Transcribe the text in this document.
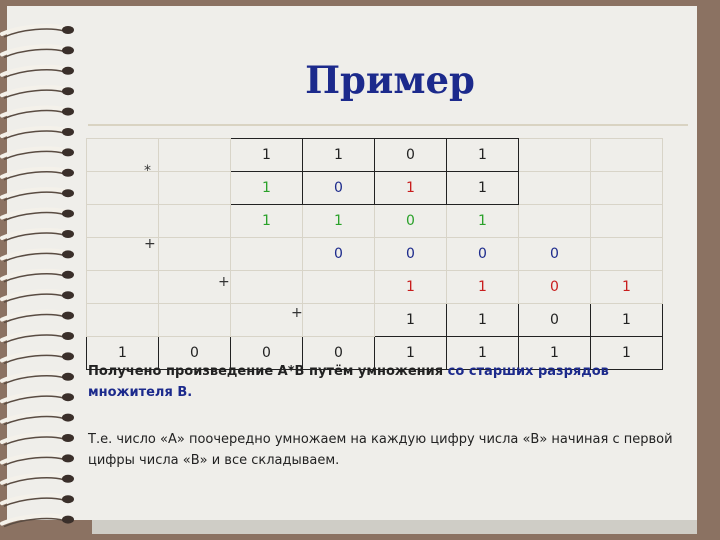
Пример
		1	1	0	1		
		1	0	1	1		
		1	1	0	1		
			0	0	0	0	
				1	1	0	1
				1	1	0	1
1	0	0	0	1	1	1	1
*
+
+
+
Получено произведение А*В путём умножения со старших разрядов множителя В.
Т.е. число «А» поочередно умножаем на каждую цифру числа «В» начиная с первой цифры числа «В» и все складываем.
